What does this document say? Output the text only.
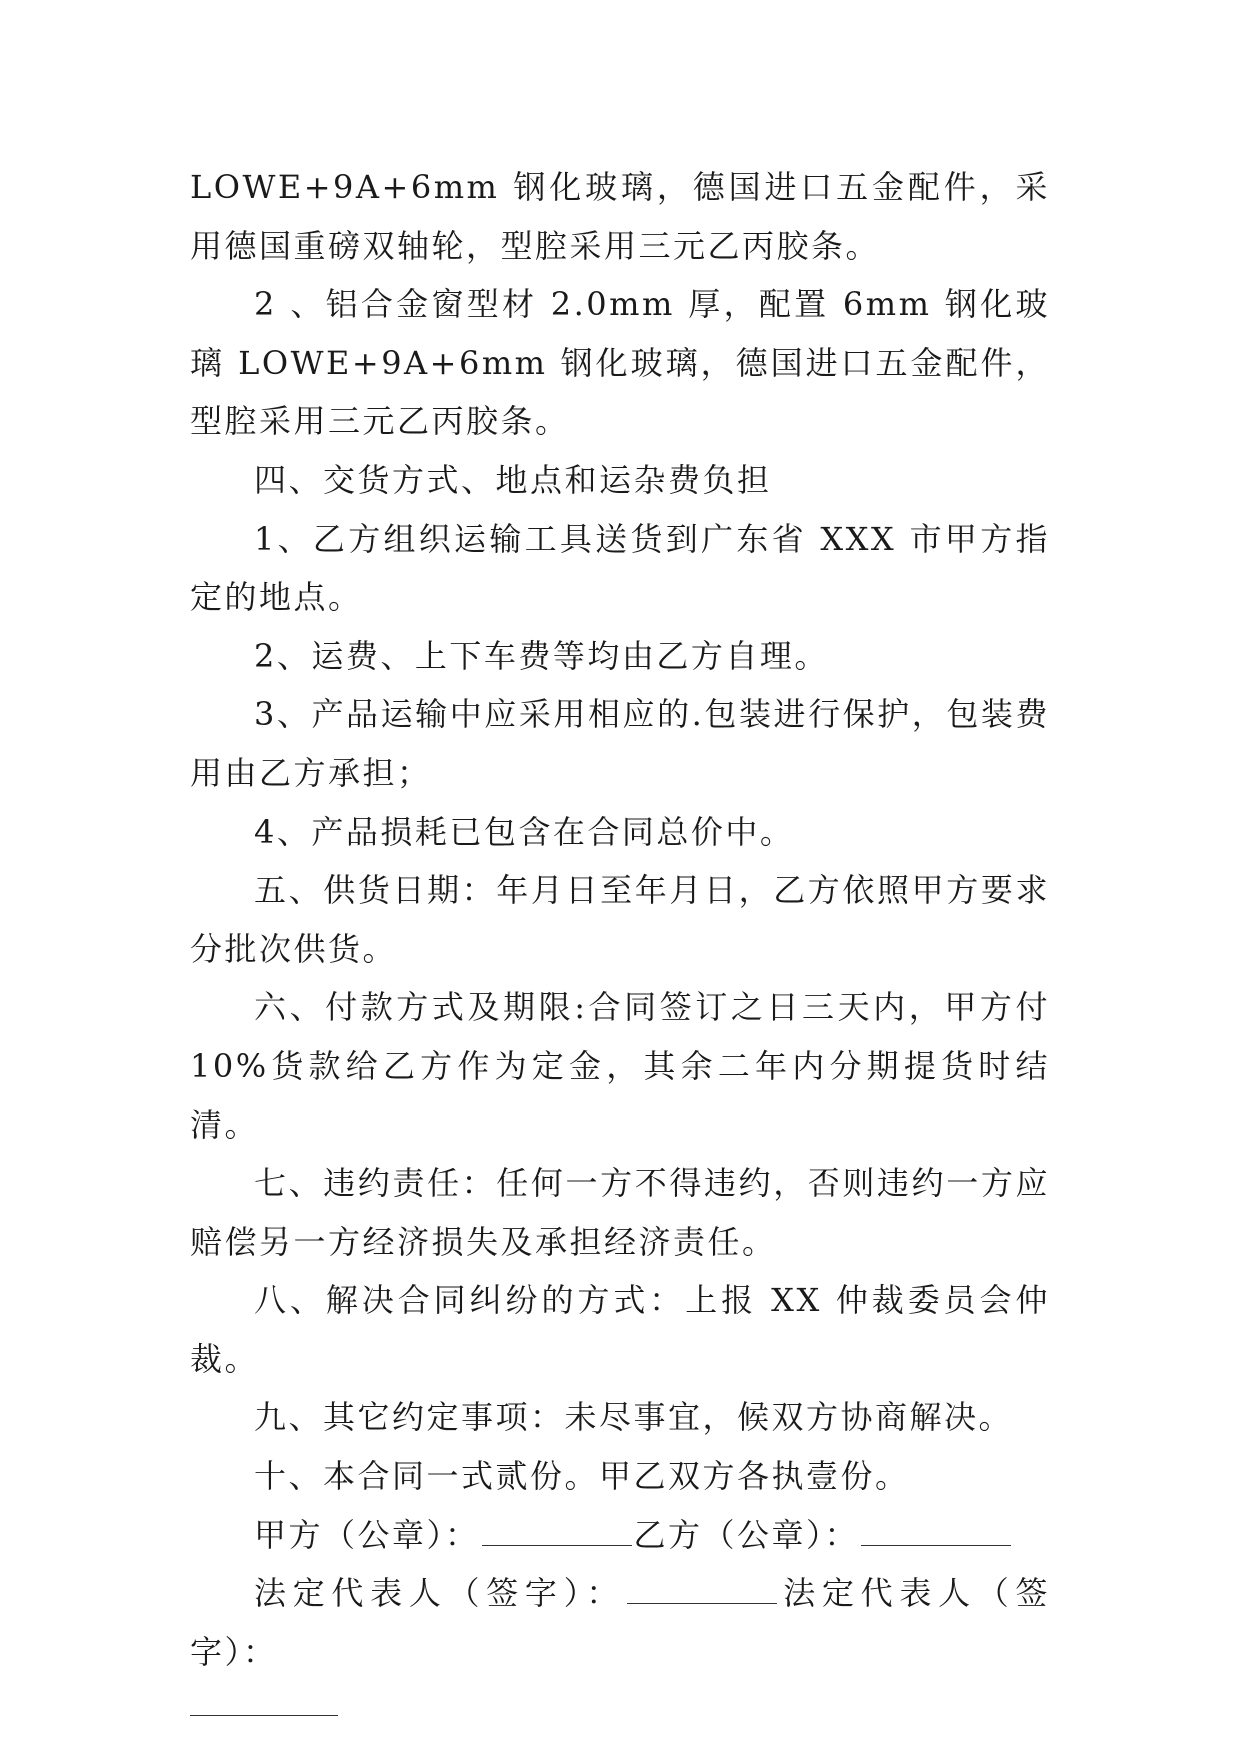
LOWE+9A+6mm 钢化玻璃，德国进口五金配件，采用德国重磅双轴轮，型腔采用三元乙丙胶条。

2 、铝合金窗型材 2.0mm 厚，配置 6mm 钢化玻璃 LOWE+9A+6mm 钢化玻璃，德国进口五金配件，型腔采用三元乙丙胶条。

四、交货方式、地点和运杂费负担

1、乙方组织运输工具送货到广东省 XXX 市甲方指定的地点。

2、运费、上下车费等均由乙方自理。

3、产品运输中应采用相应的.包装进行保护，包装费用由乙方承担；

4、产品损耗已包含在合同总价中。

五、供货日期：年月日至年月日，乙方依照甲方要求分批次供货。

六、付款方式及期限:合同签订之日三天内，甲方付 10%货款给乙方作为定金，其余二年内分期提货时结清。

七、违约责任：任何一方不得违约，否则违约一方应赔偿另一方经济损失及承担经济责任。

八、解决合同纠纷的方式：上报 XX 仲裁委员会仲裁。

九、其它约定事项：未尽事宜，候双方协商解决。

十、本合同一式贰份。甲乙双方各执壹份。

甲方（公章）：	乙方（公章）：

法定代表人（签字）：	法定代表人（签字）：
